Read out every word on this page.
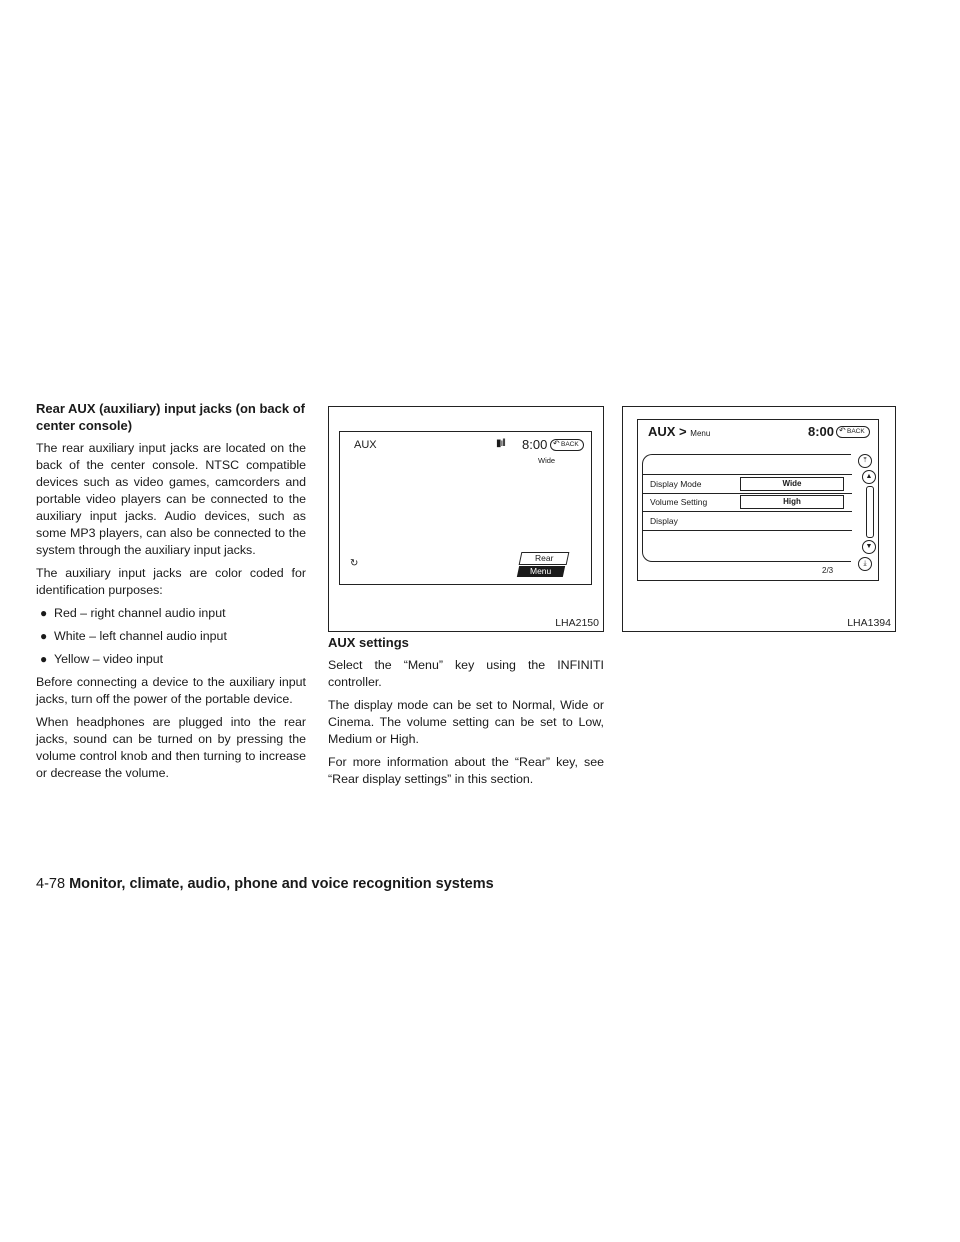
Rear AUX (auxiliary) input jacks (on back of center console)

The rear auxiliary input jacks are located on the back of the center console. NTSC compatible devices such as video games, camcorders and portable video players can be connected to the auxiliary input jacks. Audio devices, such as some MP3 players, can also be connected to the system through the auxiliary input jacks.

The auxiliary input jacks are color coded for identification purposes:

● Red – right channel audio input
● White – left channel audio input
● Yellow – video input

Before connecting a device to the auxiliary input jacks, turn off the power of the portable device.

When headphones are plugged into the rear jacks, sound can be turned on by pressing the volume control knob and then turning to increase or decrease the volume.

AUX	▮ıll 8:00 ↶ BACK
Wide
↻	Rear
Menu
LHA2150
AUX > Menu	8:00 ↶ BACK
Display Mode	Wide
Volume Setting	High
Display
⤒
▲
▼
⤓
2/3
LHA1394
AUX settings

Select the “Menu” key using the INFINITI controller.

The display mode can be set to Normal, Wide or Cinema. The volume setting can be set to Low, Medium or High.

For more information about the “Rear” key, see “Rear display settings” in this section.

4-78 Monitor, climate, audio, phone and voice recognition systems
